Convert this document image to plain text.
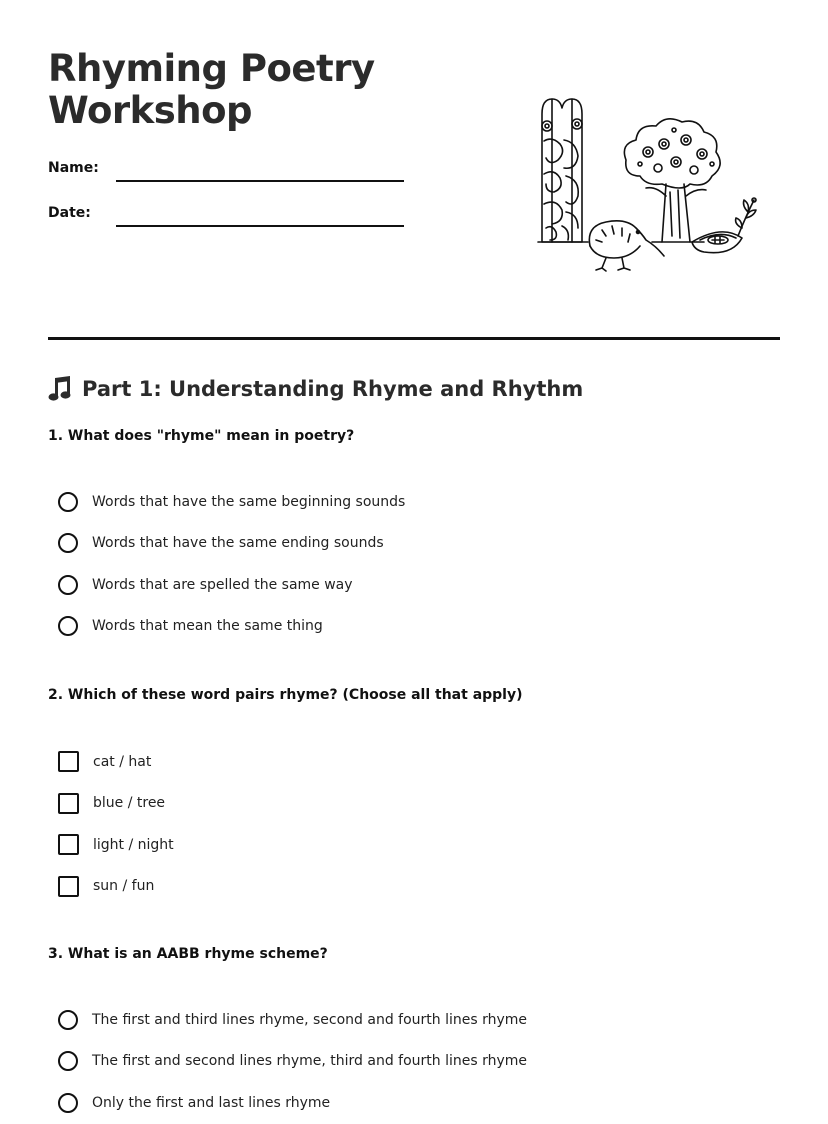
Rhyming Poetry
Workshop
Name:
Date:
Part 1: Understanding Rhyme and Rhythm
1. What does "rhyme" mean in poetry?
Words that have the same beginning sounds
Words that have the same ending sounds
Words that are spelled the same way
Words that mean the same thing
2. Which of these word pairs rhyme? (Choose all that apply)
cat / hat
blue / tree
light / night
sun / fun
3. What is an AABB rhyme scheme?
The first and third lines rhyme, second and fourth lines rhyme
The first and second lines rhyme, third and fourth lines rhyme
Only the first and last lines rhyme
